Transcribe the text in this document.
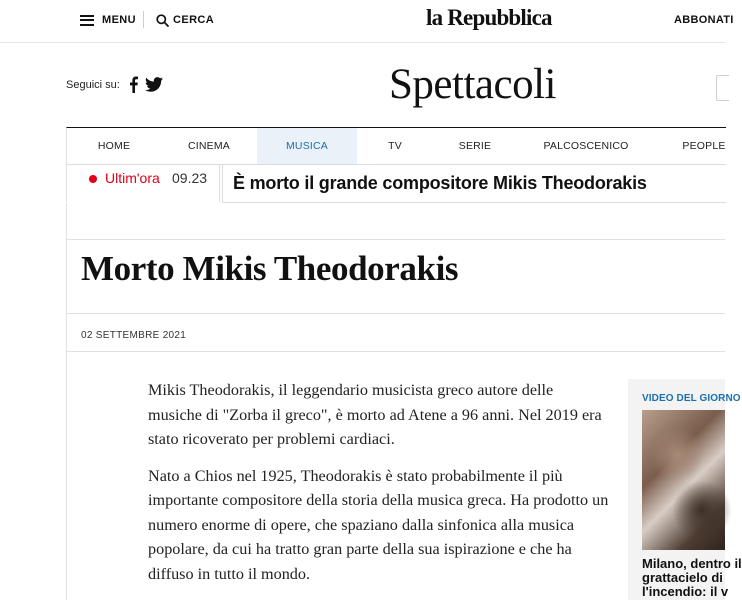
MENU	CERCA	la Repubblica	ABBONATI
Seguici su:	Spettacoli
HOME	CINEMA	MUSICA	TV	SERIE	PALCOSCENICO	PEOPLE
Ultim'ora 09.23 È morto il grande compositore Mikis Theodorakis
Morto Mikis Theodorakis
02 SETTEMBRE 2021

Mikis Theodorakis, il leggendario musicista greco autore delle musiche di "Zorba il greco", è morto ad Atene a 96 anni. Nel 2019 era stato ricoverato per problemi cardiaci.

Nato a Chios nel 1925, Theodorakis è stato probabilmente il più importante compositore della storia della musica greca. Ha prodotto un numero enorme di opere, che spaziano dalla sinfonica alla musica popolare, da cui ha tratto gran parte della sua ispirazione e che ha diffuso in tutto il mondo.

VIDEO DEL GIORNO
Milano, dentro il
grattacielo di
l'incendio: il v
